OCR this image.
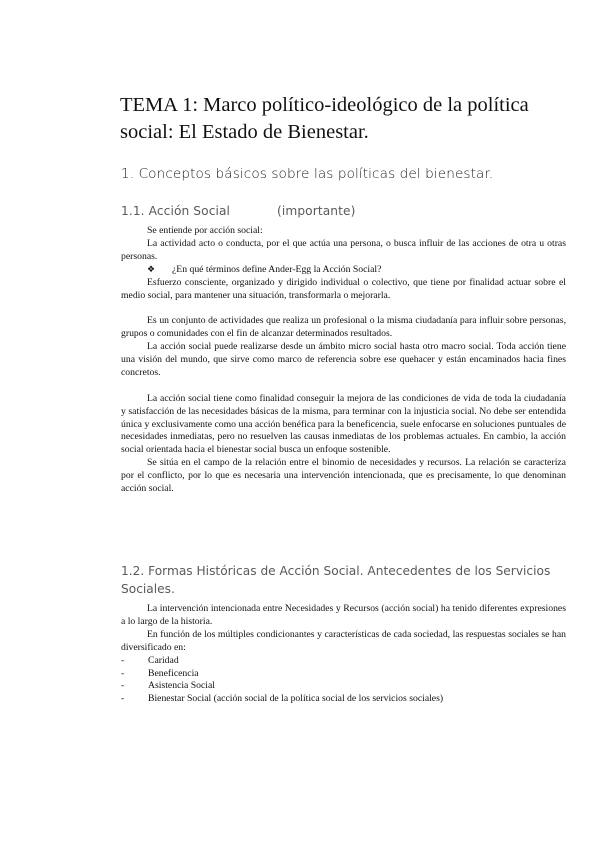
TEMA 1: Marco político-ideológico de la política social: El Estado de Bienestar.
1. Conceptos básicos sobre las políticas del bienestar.
1.1. Acción Social	(importante)

Se entiende por acción social:

La actividad acto o conducta, por el que actúa una persona, o busca influir de las acciones de otra u otras personas.

❖ ¿En qué términos define Ander-Egg la Acción Social?

Esfuerzo consciente, organizado y dirigido individual o colectivo, que tiene por finalidad actuar sobre el medio social, para mantener una situación, transformarla o mejorarla.

Es un conjunto de actividades que realiza un profesional o la misma ciudadanía para influir sobre personas, grupos o comunidades con el fin de alcanzar determinados resultados.

La acción social puede realizarse desde un ámbito micro social hasta otro macro social. Toda acción tiene una visión del mundo, que sirve como marco de referencia sobre ese quehacer y están encaminados hacia fines concretos.

La acción social tiene como finalidad conseguir la mejora de las condiciones de vida de toda la ciudadanía y satisfacción de las necesidades básicas de la misma, para terminar con la injusticia social. No debe ser entendida única y exclusivamente como una acción benéfica para la beneficencia, suele enfocarse en soluciones puntuales de necesidades inmediatas, pero no resuelven las causas inmediatas de los problemas actuales. En cambio, la acción social orientada hacia el bienestar social busca un enfoque sostenible.

Se sitúa en el campo de la relación entre el binomio de necesidades y recursos. La relación se caracteriza por el conflicto, por lo que es necesaria una intervención intencionada, que es precisamente, lo que denominan acción social.

1.2. Formas Históricas de Acción Social. Antecedentes de los Servicios Sociales.

La intervención intencionada entre Necesidades y Recursos (acción social) ha tenido diferentes expresiones a lo largo de la historia.

En función de los múltiples condicionantes y características de cada sociedad, las respuestas sociales se han diversificado en:

- Caridad

- Beneficencia

- Asistencia Social

- Bienestar Social (acción social de la política social de los servicios sociales)
